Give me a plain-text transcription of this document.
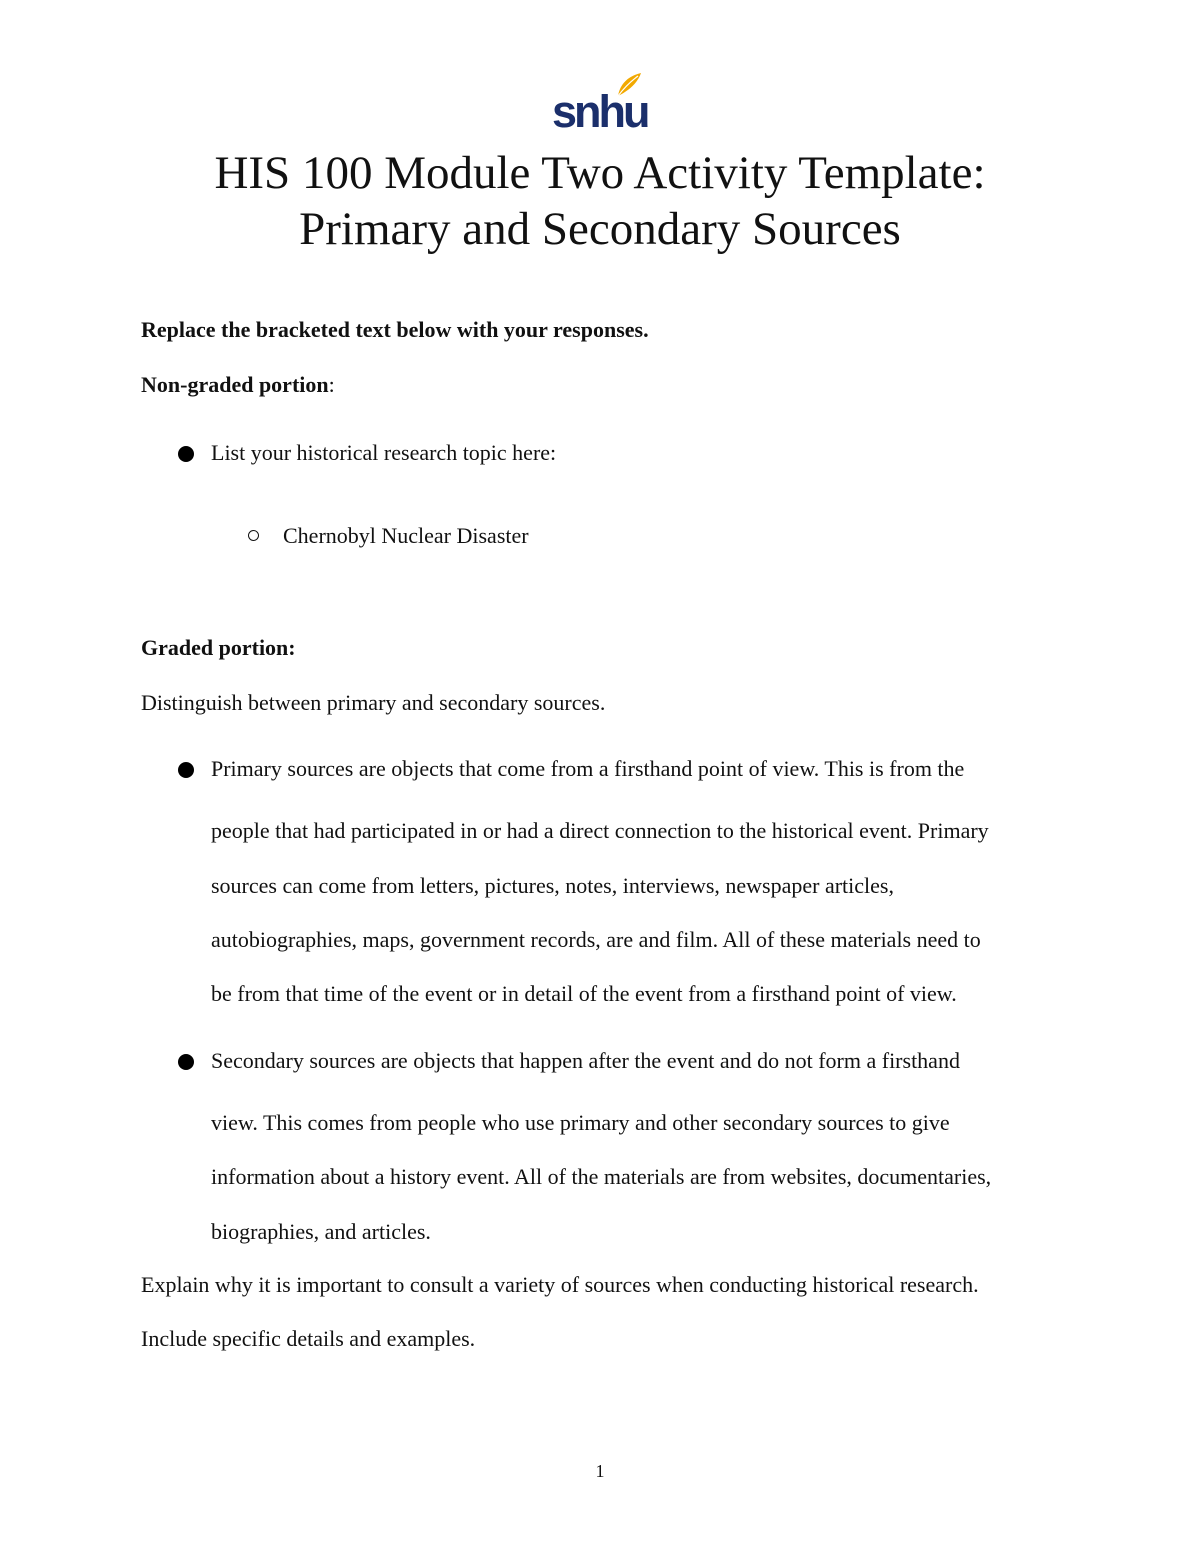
snhu
HIS 100 Module Two Activity Template:
Primary and Secondary Sources
Replace the bracketed text below with your responses.
Non-graded portion:
List your historical research topic here:
Chernobyl Nuclear Disaster
Graded portion:
Distinguish between primary and secondary sources.
Primary sources are objects that come from a firsthand point of view. This is from the
people that had participated in or had a direct connection to the historical event. Primary
sources can come from letters, pictures, notes, interviews, newspaper articles,
autobiographies, maps, government records, are and film. All of these materials need to
be from that time of the event or in detail of the event from a firsthand point of view.
Secondary sources are objects that happen after the event and do not form a firsthand
view. This comes from people who use primary and other secondary sources to give
information about a history event. All of the materials are from websites, documentaries,
biographies, and articles.
Explain why it is important to consult a variety of sources when conducting historical research.
Include specific details and examples.
1
